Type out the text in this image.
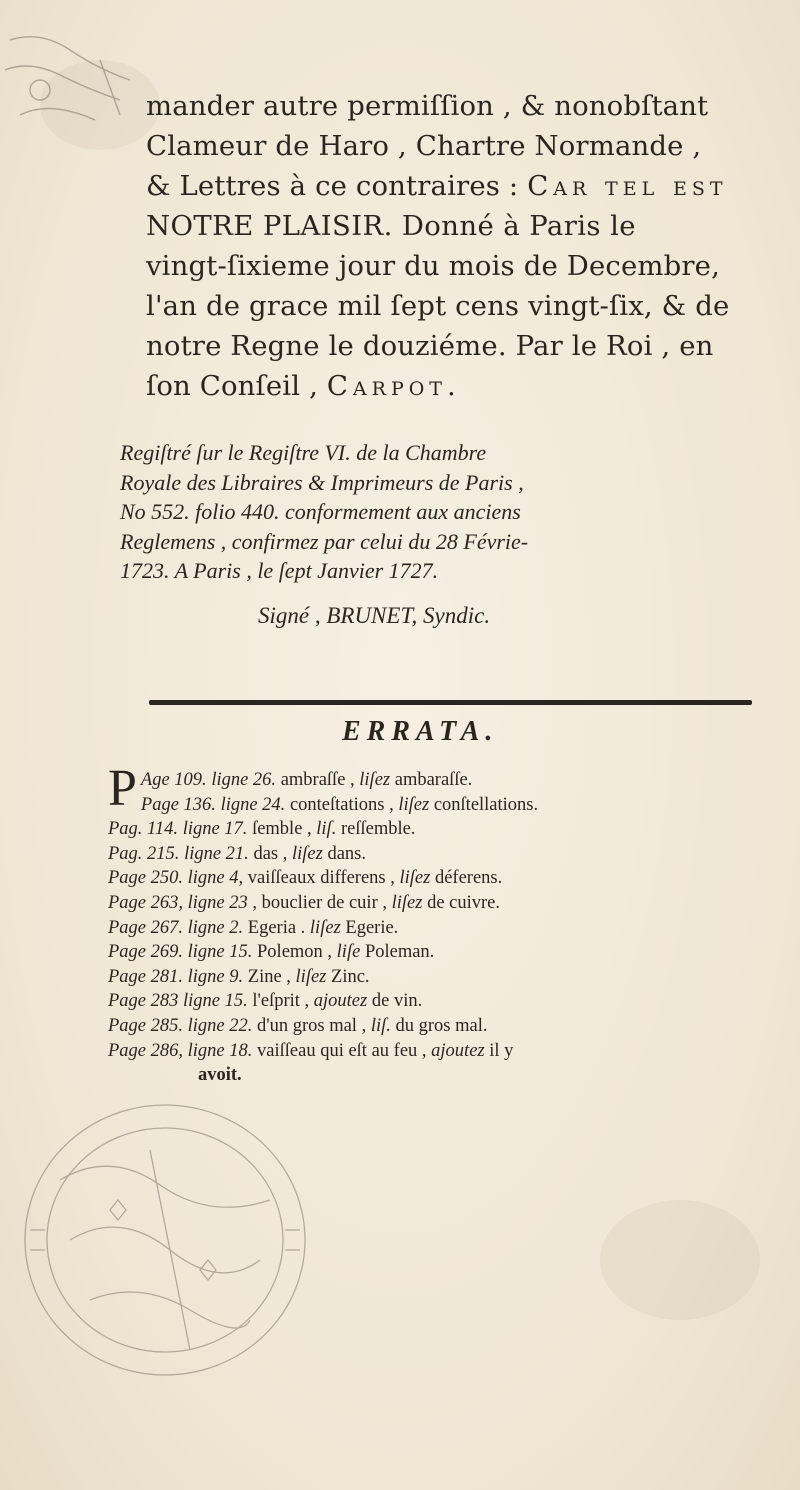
mander autre permiſſion , & nonobſtant
Clameur de Haro , Chartre Normande ,
& Lettres à ce contraires : Car tel est
NOTRE PLAISIR. Donné à Paris le
vingt-ſixieme jour du mois de Decembre,
l'an de grace mil ſept cens vingt-ſix, & de
notre Regne le douziéme. Par le Roi , en
ſon Conſeil , Carpot.
Regiſtré ſur le Regiſtre VI. de la Chambre
Royale des Libraires & Imprimeurs de Paris ,
No 552. folio 440. conformement aux anciens
Reglemens , confirmez par celui du 28 Févrie-
1723. A Paris , le ſept Janvier 1727.
Signé , BRUNET, Syndic.
ERRATA.
P Age 109. ligne 26. ambraſſe , liſez ambaraſſe.
Page 136. ligne 24. conteſtations , liſez conſtellations.
Pag. 114. ligne 17. ſemble , liſ. reſſemble.
Pag. 215. ligne 21. das , liſez dans.
Page 250. ligne 4, vaiſſeaux differens , liſez déferens.
Page 263, ligne 23 , bouclier de cuir , liſez de cuivre.
Page 267. ligne 2. Egeria . liſez Egerie.
Page 269. ligne 15. Polemon , liſe Poleman.
Page 281. ligne 9. Zine , liſez Zinc.
Page 283 ligne 15. l'eſprit , ajoutez de vin.
Page 285. ligne 22. d'un gros mal , liſ. du gros mal.
Page 286, ligne 18. vaiſſeau qui eſt au feu , ajoutez il y
avoit.
